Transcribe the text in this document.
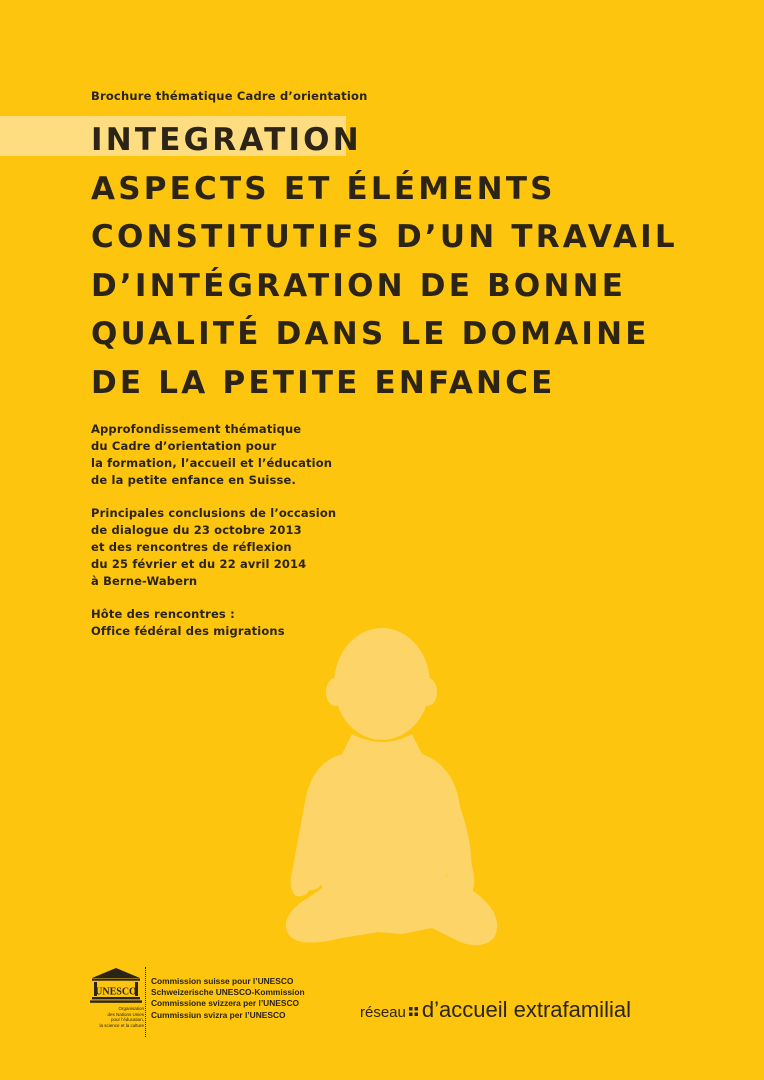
Brochure thématique Cadre d’orientation
INTEGRATION
ASPECTS ET ÉLÉMENTS
CONSTITUTIFS D’UN TRAVAIL
D’INTÉGRATION DE BONNE
QUALITÉ DANS LE DOMAINE
DE LA PETITE ENFANCE
Approfondissement thématique
du Cadre d’orientation pour
la formation, l’accueil et l’éducation
de la petite enfance en Suisse.
Principales conclusions de l’occasion
de dialogue du 23 octobre 2013
et des rencontres de réflexion
du 25 février et du 22 avril 2014
à Berne-Wabern
Hôte des rencontres :
Office fédéral des migrations
UNESCO
Organisation
des Nations Unies
pour l’éducation,
la science et la culture
Commission suisse pour l’UNESCO
Schweizerische UNESCO-Kommission
Commissione svizzera per l’UNESCO
Cummissiun svizra per l’UNESCO	réseau d’accueil extrafamilial
